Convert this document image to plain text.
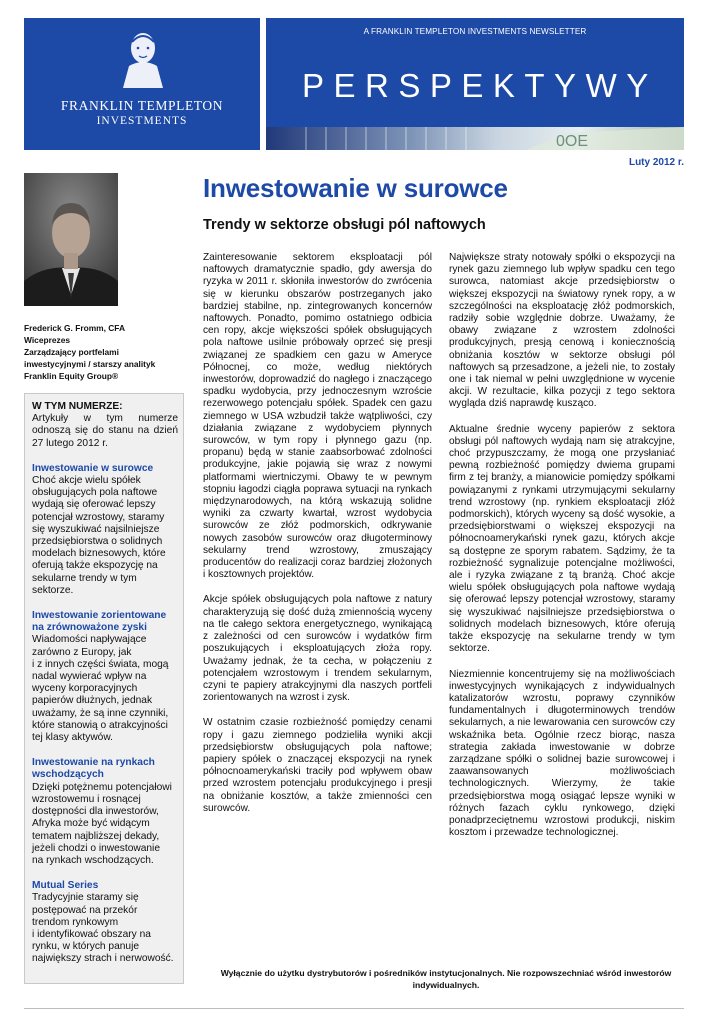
FRANKLIN TEMPLETON
INVESTMENTS
A FRANKLIN TEMPLETON INVESTMENTS NEWSLETTER
PERSPEKTYWY
0OE
Frederick G. Fromm, CFA
Wiceprezes
Zarządzający portfelami
inwestycyjnymi / starszy analityk
Franklin Equity Group®
W TYM NUMERZE:
Artykuły w tym numerze odnoszą się do stanu na dzień 27 lutego 2012 r.
Inwestowanie w surowce
Choć akcje wielu spółek
obsługujących pola naftowe
wydają się oferować lepszy
potencjał wzrostowy, staramy
się wyszukiwać najsilniejsze
przedsiębiorstwa o solidnych
modelach biznesowych, które
oferują także ekspozycję na
sekularne trendy w tym
sektorze.
Inwestowanie zorientowane
na zrównoważone zyski
Wiadomości napływające
zarówno z Europy, jak
i z innych części świata, mogą
nadal wywierać wpływ na
wyceny korporacyjnych
papierów dłużnych, jednak
uważamy, że są inne czynniki,
które stanowią o atrakcyjności
tej klasy aktywów.
Inwestowanie na rynkach
wschodzących
Dzięki potężnemu potencjałowi
wzrostowemu i rosnącej
dostępności dla inwestorów,
Afryka może być widącym
tematem najbliższej dekady,
jeżeli chodzi o inwestowanie
na rynkach wschodzących.
Mutual Series
Tradycyjnie staramy się
postępować na przekór
trendom rynkowym
i identyfikować obszary na
rynku, w których panuje
największy strach i nerwowość.
Luty 2012 r.
Inwestowanie w surowce
Trendy w sektorze obsługi pól naftowych

Zainteresowanie sektorem eksploatacji pól naftowych dramatycznie spadło, gdy awersja do ryzyka w 2011 r. skłoniła inwestorów do zwrócenia się w kierunku obszarów postrzeganych jako bardziej stabilne, np. zintegrowanych koncernów naftowych. Ponadto, pomimo ostatniego odbicia cen ropy, akcje większości spółek obsługujących pola naftowe usilnie próbowały oprzeć się presji związanej ze spadkiem cen gazu w Ameryce Północnej, co może, według niektórych inwestorów, doprowadzić do nagłego i znaczącego spadku wydobycia, przy jednoczesnym wzroście rezerwowego potencjału spółek. Spadek cen gazu ziemnego w USA wzbudził także wątpliwości, czy działania związane z wydobyciem płynnych surowców, w tym ropy i płynnego gazu (np. propanu) będą w stanie zaabsorbować zdolności produkcyjne, jakie pojawią się wraz z nowymi platformami wiertniczymi. Obawy te w pewnym stopniu łagodzi ciągła poprawa sytuacji na rynkach międzynarodowych, na którą wskazują solidne wyniki za czwarty kwartał, wzrost wydobycia surowców ze złóż podmorskich, odkrywanie nowych zasobów surowców oraz długoterminowy sekularny trend wzrostowy, zmuszający producentów do realizacji coraz bardziej złożonych i kosztownych projektów.

Akcje spółek obsługujących pola naftowe z natury charakteryzują się dość dużą zmiennością wyceny na tle całego sektora energetycznego, wynikającą z zależności od cen surowców i wydatków firm poszukujących i eksploatujących złoża ropy. Uważamy jednak, że ta cecha, w połączeniu z potencjałem wzrostowym i trendem sekularnym, czyni te papiery atrakcyjnymi dla naszych portfeli zorientowanych na wzrost i zysk.

W ostatnim czasie rozbieżność pomiędzy cenami ropy i gazu ziemnego podzieliła wyniki akcji przedsiębiorstw obsługujących pola naftowe; papiery spółek o znaczącej ekspozycji na rynek północnoamerykański traciły pod wpływem obaw przed wzrostem potencjału produkcyjnego i presji na obniżanie kosztów, a także zmienności cen surowców.

Największe straty notowały spółki o ekspozycji na rynek gazu ziemnego lub wpływ spadku cen tego surowca, natomiast akcje przedsiębiorstw o większej ekspozycji na światowy rynek ropy, a w szczególności na eksploatację złóż podmorskich, radziły sobie względnie dobrze. Uważamy, że obawy związane z wzrostem zdolności produkcyjnych, presją cenową i koniecznością obniżania kosztów w sektorze obsługi pól naftowych są przesadzone, a jeżeli nie, to zostały one i tak niemal w pełni uwzględnione w wycenie akcji. W rezultacie, kilka pozycji z tego sektora wygląda dziś naprawdę kusząco.

Aktualne średnie wyceny papierów z sektora obsługi pól naftowych wydają nam się atrakcyjne, choć przypuszczamy, że mogą one przysłaniać pewną rozbieżność pomiędzy dwiema grupami firm z tej branży, a mianowicie pomiędzy spółkami powiązanymi z rynkami utrzymującymi sekularny trend wzrostowy (np. rynkiem eksploatacji złóż podmorskich), których wyceny są dość wysokie, a przedsiębiorstwami o większej ekspozycji na północnoamerykański rynek gazu, których akcje są dostępne ze sporym rabatem. Sądzimy, że ta rozbieżność sygnalizuje potencjalne możliwości, ale i ryzyka związane z tą branżą. Choć akcje wielu spółek obsługujących pola naftowe wydają się oferować lepszy potencjał wzrostowy, staramy się wyszukiwać najsilniejsze przedsiębiorstwa o solidnych modelach biznesowych, które oferują także ekspozycję na sekularne trendy w tym sektorze.

Niezmiennie koncentrujemy się na możliwościach inwestycyjnych wynikających z indywidualnych katalizatorów wzrostu, poprawy czynników fundamentalnych i długoterminowych trendów sekularnych, a nie lewarowania cen surowców czy wskaźnika beta. Ogólnie rzecz biorąc, nasza strategia zakłada inwestowanie w dobrze zarządzane spółki o solidnej bazie surowcowej i zaawansowanych możliwościach technologicznych. Wierzymy, że takie przedsiębiorstwa mogą osiągać lepsze wyniki w różnych fazach cyklu rynkowego, dzięki ponadprzeciętnemu wzrostowi produkcji, niskim kosztom i przewadze technologicznej.

Wyłącznie do użytku dystrybutorów i pośredników instytucjonalnych. Nie rozpowszechniać wśród inwestorów
indywidualnych.
